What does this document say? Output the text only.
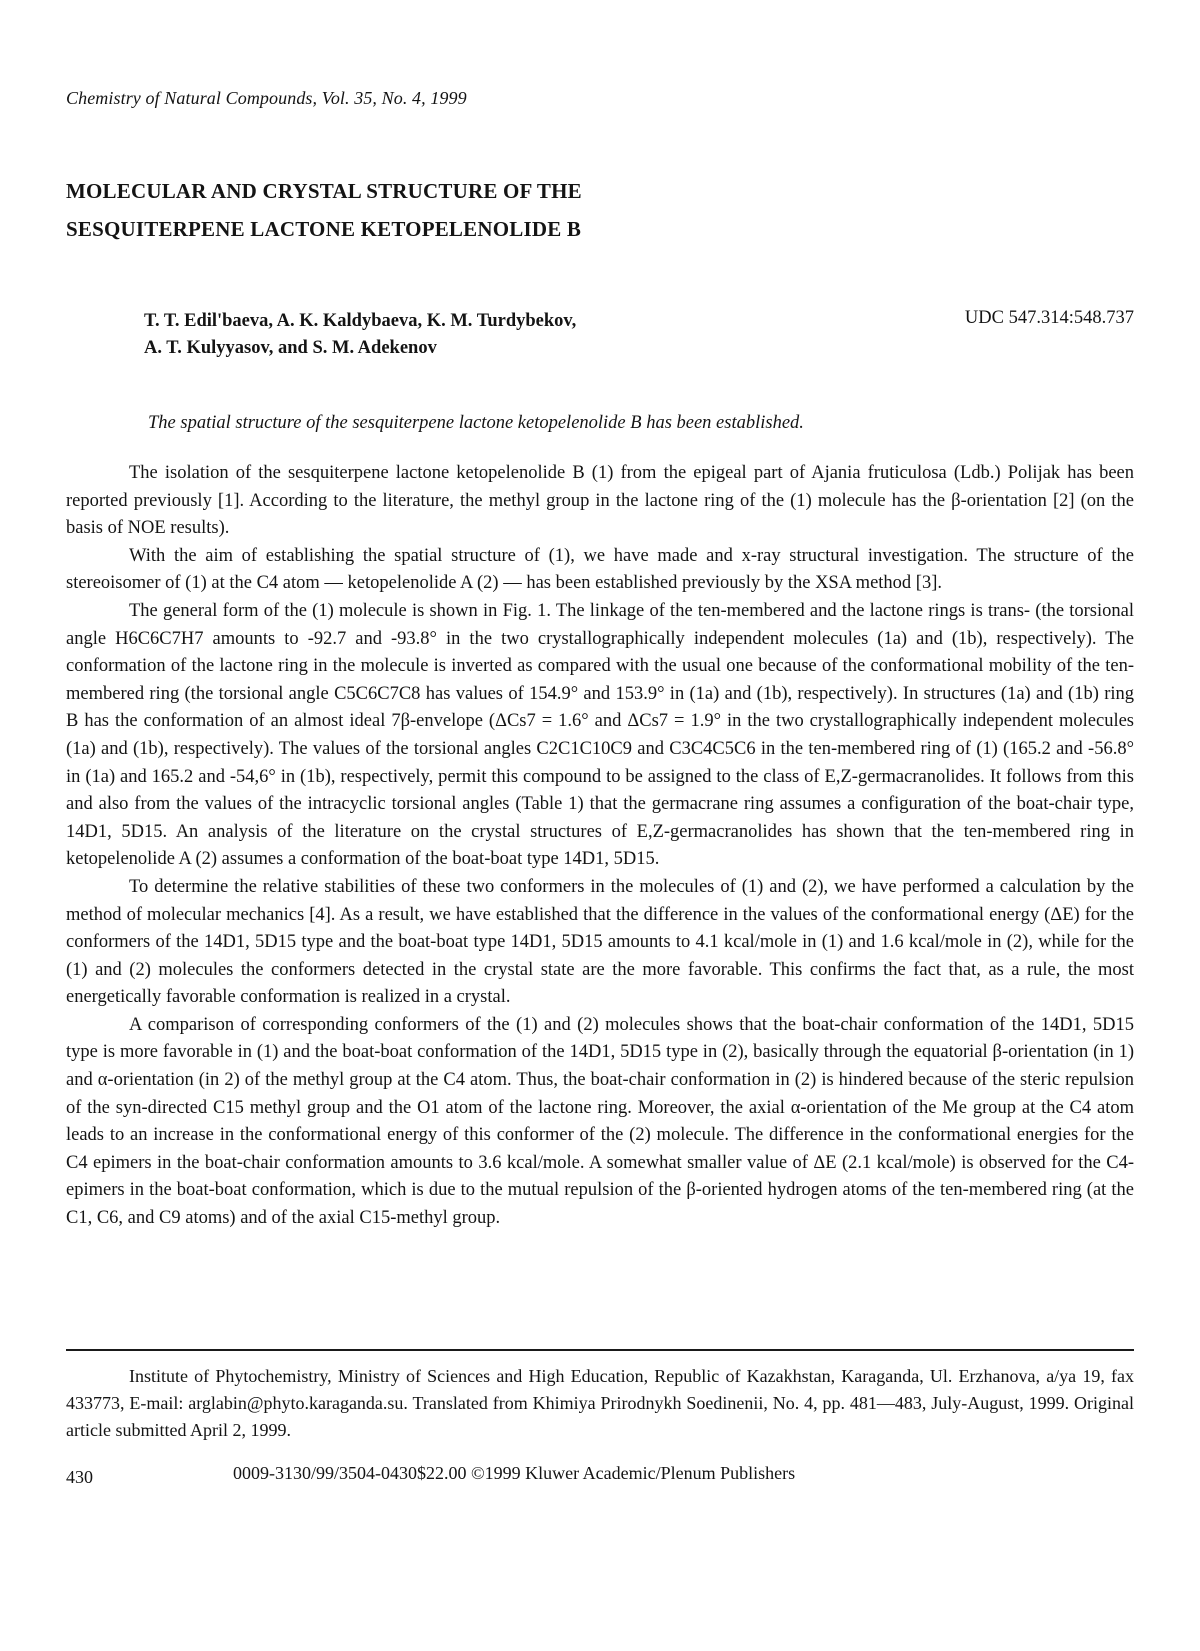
Chemistry of Natural Compounds, Vol. 35, No. 4, 1999
MOLECULAR AND CRYSTAL STRUCTURE OF THE
SESQUITERPENE LACTONE KETOPELENOLIDE B
T. T. Edil'baeva, A. K. Kaldybaeva, K. M. Turdybekov,
A. T. Kulyyasov, and S. M. Adekenov
UDC 547.314:548.737
The spatial structure of the sesquiterpene lactone ketopelenolide B has been established.

The isolation of the sesquiterpene lactone ketopelenolide B (1) from the epigeal part of Ajania fruticulosa (Ldb.) Polijak has been reported previously [1]. According to the literature, the methyl group in the lactone ring of the (1) molecule has the β-orientation [2] (on the basis of NOE results).

With the aim of establishing the spatial structure of (1), we have made and x-ray structural investigation. The structure of the stereoisomer of (1) at the C4 atom — ketopelenolide A (2) — has been established previously by the XSA method [3].

The general form of the (1) molecule is shown in Fig. 1. The linkage of the ten-membered and the lactone rings is trans- (the torsional angle H6C6C7H7 amounts to -92.7 and -93.8° in the two crystallographically independent molecules (1a) and (1b), respectively). The conformation of the lactone ring in the molecule is inverted as compared with the usual one because of the conformational mobility of the ten-membered ring (the torsional angle C5C6C7C8 has values of 154.9° and 153.9° in (1a) and (1b), respectively). In structures (1a) and (1b) ring B has the conformation of an almost ideal 7β-envelope (ΔCs7 = 1.6° and ΔCs7 = 1.9° in the two crystallographically independent molecules (1a) and (1b), respectively). The values of the torsional angles C2C1C10C9 and C3C4C5C6 in the ten-membered ring of (1) (165.2 and -56.8° in (1a) and 165.2 and -54,6° in (1b), respectively, permit this compound to be assigned to the class of E,Z-germacranolides. It follows from this and also from the values of the intracyclic torsional angles (Table 1) that the germacrane ring assumes a configuration of the boat-chair type, 14D1, 5D15. An analysis of the literature on the crystal structures of E,Z-germacranolides has shown that the ten-membered ring in ketopelenolide A (2) assumes a conformation of the boat-boat type 14D1, 5D15.

To determine the relative stabilities of these two conformers in the molecules of (1) and (2), we have performed a calculation by the method of molecular mechanics [4]. As a result, we have established that the difference in the values of the conformational energy (ΔE) for the conformers of the 14D1, 5D15 type and the boat-boat type 14D1, 5D15 amounts to 4.1 kcal/mole in (1) and 1.6 kcal/mole in (2), while for the (1) and (2) molecules the conformers detected in the crystal state are the more favorable. This confirms the fact that, as a rule, the most energetically favorable conformation is realized in a crystal.

A comparison of corresponding conformers of the (1) and (2) molecules shows that the boat-chair conformation of the 14D1, 5D15 type is more favorable in (1) and the boat-boat conformation of the 14D1, 5D15 type in (2), basically through the equatorial β-orientation (in 1) and α-orientation (in 2) of the methyl group at the C4 atom. Thus, the boat-chair conformation in (2) is hindered because of the steric repulsion of the syn-directed C15 methyl group and the O1 atom of the lactone ring. Moreover, the axial α-orientation of the Me group at the C4 atom leads to an increase in the conformational energy of this conformer of the (2) molecule. The difference in the conformational energies for the C4 epimers in the boat-chair conformation amounts to 3.6 kcal/mole. A somewhat smaller value of ΔE (2.1 kcal/mole) is observed for the C4-epimers in the boat-boat conformation, which is due to the mutual repulsion of the β-oriented hydrogen atoms of the ten-membered ring (at the C1, C6, and C9 atoms) and of the axial C15-methyl group.

Institute of Phytochemistry, Ministry of Sciences and High Education, Republic of Kazakhstan, Karaganda, Ul. Erzhanova, a/ya 19, fax 433773, E-mail: arglabin@phyto.karaganda.su. Translated from Khimiya Prirodnykh Soedinenii, No. 4, pp. 481—483, July-August, 1999. Original article submitted April 2, 1999.
430	0009-3130/99/3504-0430$22.00 ©1999 Kluwer Academic/Plenum Publishers
